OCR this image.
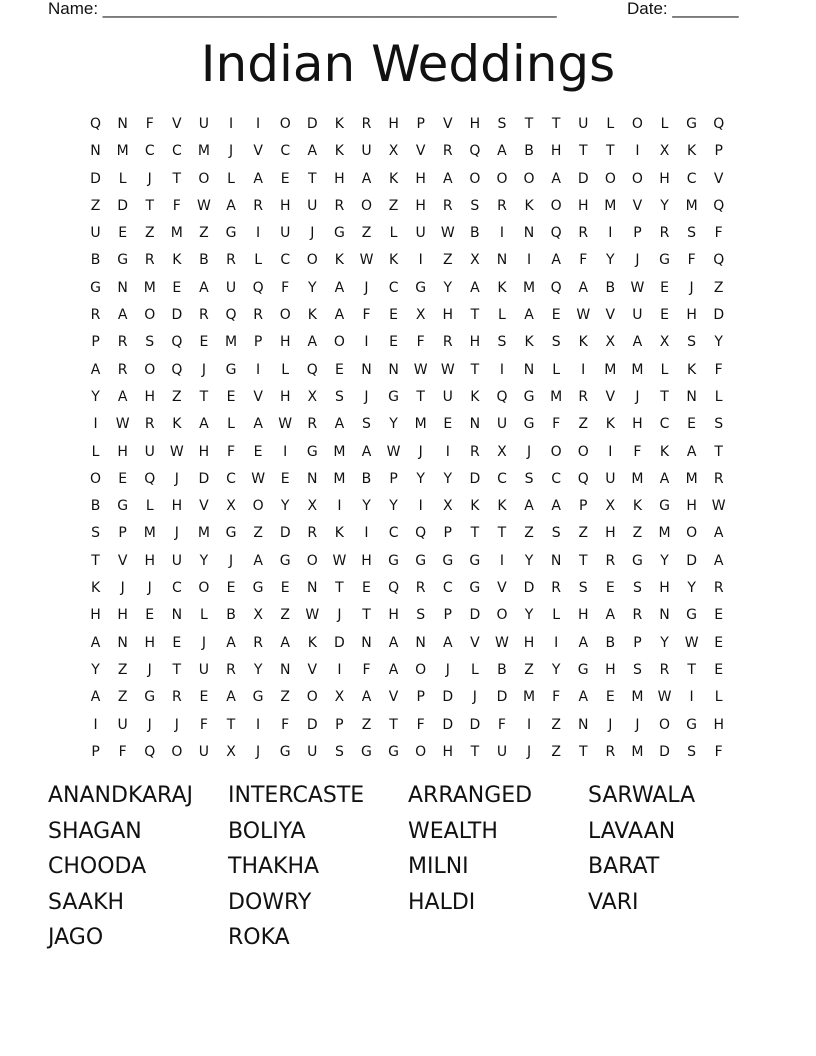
Name: ________________________________________________	Date: _______
Indian Weddings
Q	N	F	V	U	I	I	O	D	K	R	H	P	V	H	S	T	T	U	L	O	L	G	Q
N	M	C	C	M	J	V	C	A	K	U	X	V	R	Q	A	B	H	T	T	I	X	K	P
D	L	J	T	O	L	A	E	T	H	A	K	H	A	O	O	O	A	D	O	O	H	C	V
Z	D	T	F	W	A	R	H	U	R	O	Z	H	R	S	R	K	O	H	M	V	Y	M	Q
U	E	Z	M	Z	G	I	U	J	G	Z	L	U	W	B	I	N	Q	R	I	P	R	S	F
B	G	R	K	B	R	L	C	O	K	W	K	I	Z	X	N	I	A	F	Y	J	G	F	Q
G	N	M	E	A	U	Q	F	Y	A	J	C	G	Y	A	K	M	Q	A	B	W	E	J	Z
R	A	O	D	R	Q	R	O	K	A	F	E	X	H	T	L	A	E	W	V	U	E	H	D
P	R	S	Q	E	M	P	H	A	O	I	E	F	R	H	S	K	S	K	X	A	X	S	Y
A	R	O	Q	J	G	I	L	Q	E	N	N	W W	T	I	N	L	I	M	M	L	K	F
Y	A	H	Z	T	E	V	H	X	S	J	G	T	U	K	Q	G	M	R	V	J	T	N	L
I	W	R	K	A	L	A	W	R	A	S	Y	M	E	N	U	G	F	Z	K	H	C	E	S
L	H	U	W	H	F	E	I	G	M	A	W	J	I	R	X	J	O	O	I	F	K	A	T
O	E	Q	J	D	C	W	E	N	M	B	P	Y	Y	D	C	S	C	Q	U	M	A	M	R
B	G	L	H	V	X	O	Y	X	I	Y	Y	I	X	K	K	A	A	P	X	K	G	H	W
S	P	M	J	M	G	Z	D	R	K	I	C	Q	P	T	T	Z	S	Z	H	Z	M	O	A
T	V	H	U	Y	J	A	G	O	W	H	G	G	G	G	I	Y	N	T	R	G	Y	D	A
K	J	J	C	O	E	G	E	N	T	E	Q	R	C	G	V	D	R	S	E	S	H	Y	R
H	H	E	N	L	B	X	Z	W	J	T	H	S	P	D	O	Y	L	H	A	R	N	G	E
A	N	H	E	J	A	R	A	K	D	N	A	N	A	V	W	H	I	A	B	P	Y	W	E
Y	Z	J	T	U	R	Y	N	V	I	F	A	O	J	L	B	Z	Y	G	H	S	R	T	E
A	Z	G	R	E	A	G	Z	O	X	A	V	P	D	J	D	M	F	A	E	M	W	I	L
I	U	J	J	F	T	I	F	D	P	Z	T	F	D	D	F	I	Z	N	J	J	O	G	H
P	F	Q	O	U	X	J	G	U	S	G	G	O	H	T	U	J	Z	T	R	M	D	S	F
ANANDKARAJ	INTERCASTE	ARRANGED	SARWALA
SHAGAN	BOLIYA	WEALTH	LAVAAN
CHOODA	THAKHA	MILNI	BARAT
SAAKH	DOWRY	HALDI	VARI
JAGO	ROKA
